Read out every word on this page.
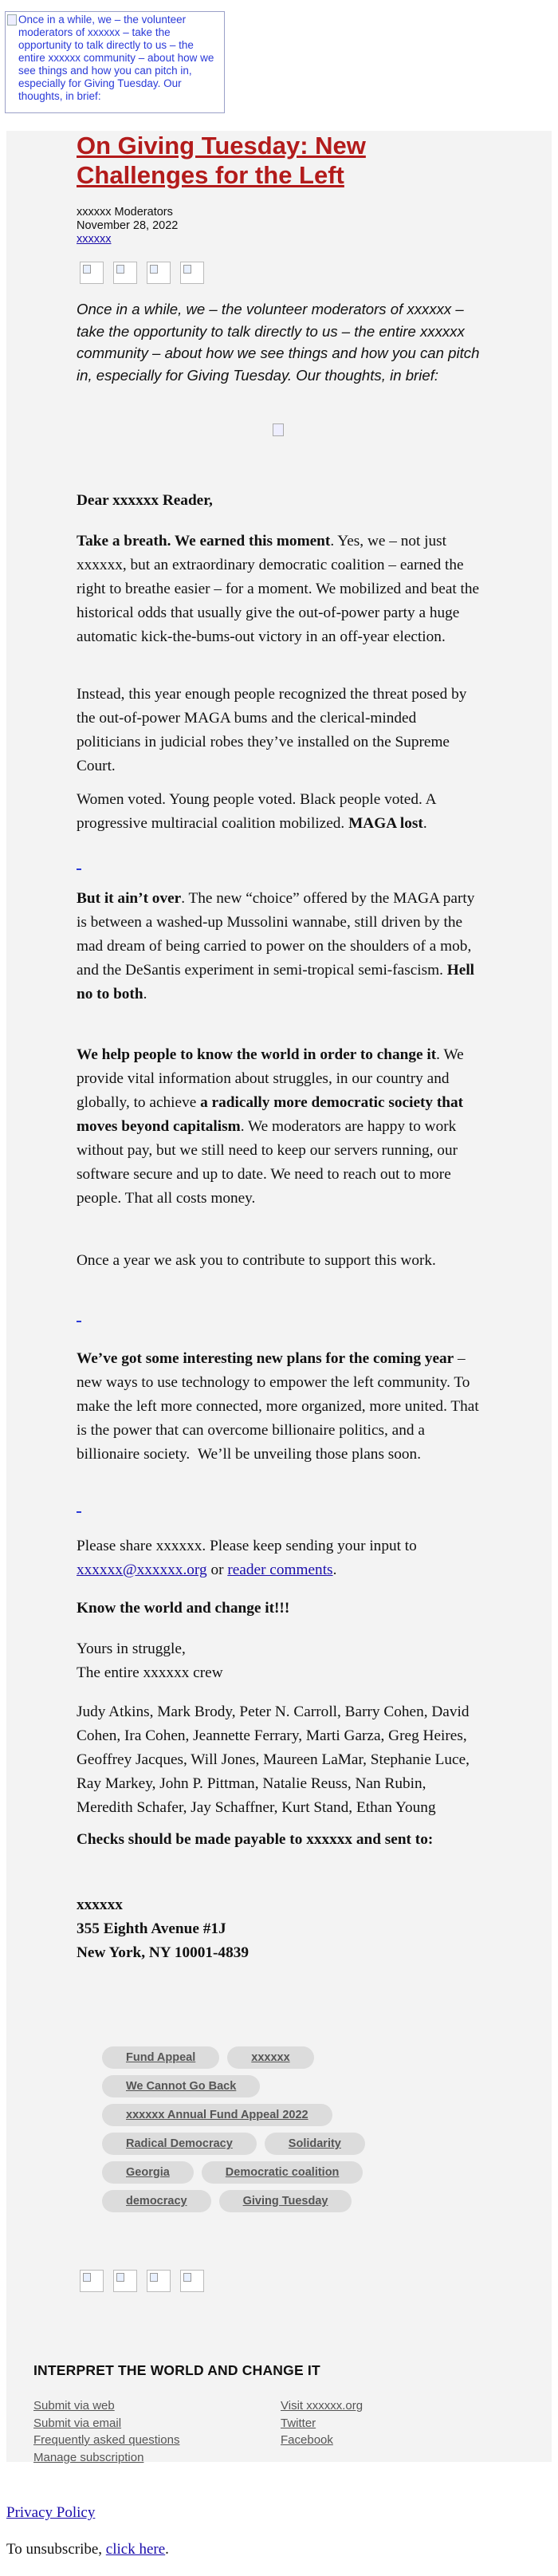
Once in a while, we – the volunteer moderators of xxxxxx – take the opportunity to talk directly to us – the entire xxxxxx community – about how we see things and how you can pitch in, especially for Giving Tuesday. Our thoughts, in brief:
On Giving Tuesday: New Challenges for the Left
xxxxxx Moderators
November 28, 2022
xxxxxx
Once in a while, we – the volunteer moderators of xxxxxx – take the opportunity to talk directly to us – the entire xxxxxx community – about how we see things and how you can pitch in, especially for Giving Tuesday. Our thoughts, in brief:

Dear xxxxxx Reader,

Take a breath. We earned this moment. Yes, we – not just xxxxxx, but an extraordinary democratic coalition – earned the right to breathe easier – for a moment. We mobilized and beat the historical odds that usually give the out-of-power party a huge automatic kick-the-bums-out victory in an off-year election.

Instead, this year enough people recognized the threat posed by the out-of-power MAGA bums and the clerical-minded politicians in judicial robes they’ve installed on the Supreme Court.

Women voted. Young people voted. Black people voted. A progressive multiracial coalition mobilized. MAGA lost.

But it ain’t over. The new “choice” offered by the MAGA party is between a washed-up Mussolini wannabe, still driven by the mad dream of being carried to power on the shoulders of a mob, and the DeSantis experiment in semi-tropical semi-fascism. Hell no to both.

We help people to know the world in order to change it. We provide vital information about struggles, in our country and globally, to achieve a radically more democratic society that moves beyond capitalism. We moderators are happy to work without pay, but we still need to keep our servers running, our software secure and up to date. We need to reach out to more people. That all costs money.

Once a year we ask you to contribute to support this work.

We’ve got some interesting new plans for the coming year – new ways to use technology to empower the left community. To make the left more connected, more organized, more united. That is the power that can overcome billionaire politics, and a billionaire society.  We’ll be unveiling those plans soon.

Please share xxxxxx. Please keep sending your input to xxxxxx@xxxxxx.org or reader comments.

Know the world and change it!!!

Yours in struggle,

The entire xxxxxx crew

Judy Atkins, Mark Brody, Peter N. Carroll, Barry Cohen, David Cohen, Ira Cohen, Jeannette Ferrary, Marti Garza, Greg Heires, Geoffrey Jacques, Will Jones, Maureen LaMar, Stephanie Luce, Ray Markey, John P. Pittman, Natalie Reuss, Nan Rubin, Meredith Schafer, Jay Schaffner, Kurt Stand, Ethan Young

Checks should be made payable to xxxxxx and sent to:

xxxxxx

355 Eighth Avenue #1J

New York, NY 10001-4839

Fund Appeal	xxxxxx
We Cannot Go Back
xxxxxx Annual Fund Appeal 2022
Radical Democracy	Solidarity
Georgia	Democratic coalition
democracy	Giving Tuesday
INTERPRET THE WORLD AND CHANGE IT
Submit via web
Submit via email
Frequently asked questions
Manage subscription
Visit xxxxxx.org
Twitter
Facebook
Privacy Policy
To unsubscribe, click here.
